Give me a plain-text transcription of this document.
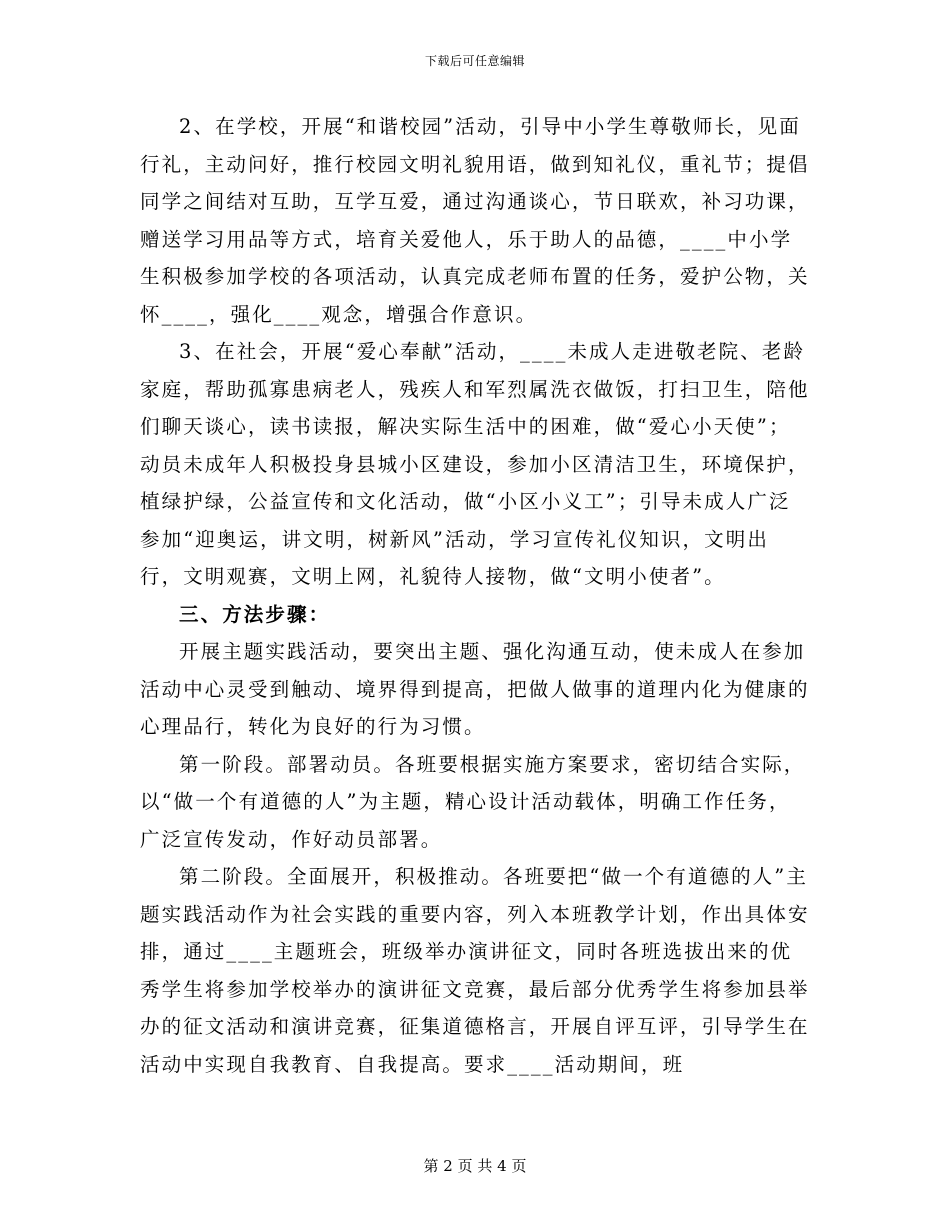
下载后可任意编辑

2、在学校，开展“和谐校园”活动，引导中小学生尊敬师长，见面行礼，主动问好，推行校园文明礼貌用语，做到知礼仪，重礼节；提倡同学之间结对互助，互学互爱，通过沟通谈心，节日联欢，补习功课，赠送学习用品等方式，培育关爱他人，乐于助人的品德，____中小学生积极参加学校的各项活动，认真完成老师布置的任务，爱护公物，关怀____，强化____观念，增强合作意识。

3、在社会，开展“爱心奉献”活动，____未成人走进敬老院、老龄家庭，帮助孤寡患病老人，残疾人和军烈属洗衣做饭，打扫卫生，陪他们聊天谈心，读书读报，解决实际生活中的困难，做“爱心小天使”；动员未成年人积极投身县城小区建设，参加小区清洁卫生，环境保护，植绿护绿，公益宣传和文化活动，做“小区小义工”；引导未成人广泛参加“迎奥运，讲文明，树新风”活动，学习宣传礼仪知识，文明出行，文明观赛，文明上网，礼貌待人接物，做“文明小使者”。

三、方法步骤：

开展主题实践活动，要突出主题、强化沟通互动，使未成人在参加活动中心灵受到触动、境界得到提高，把做人做事的道理内化为健康的心理品行，转化为良好的行为习惯。

第一阶段。部署动员。各班要根据实施方案要求，密切结合实际，以“做一个有道德的人”为主题，精心设计活动载体，明确工作任务，广泛宣传发动，作好动员部署。

第二阶段。全面展开，积极推动。各班要把“做一个有道德的人”主题实践活动作为社会实践的重要内容，列入本班教学计划，作出具体安排，通过____主题班会，班级举办演讲征文，同时各班选拔出来的优秀学生将参加学校举办的演讲征文竞赛，最后部分优秀学生将参加县举办的征文活动和演讲竞赛，征集道德格言，开展自评互评，引导学生在活动中实现自我教育、自我提高。要求____活动期间，班

第 2 页 共 4 页
